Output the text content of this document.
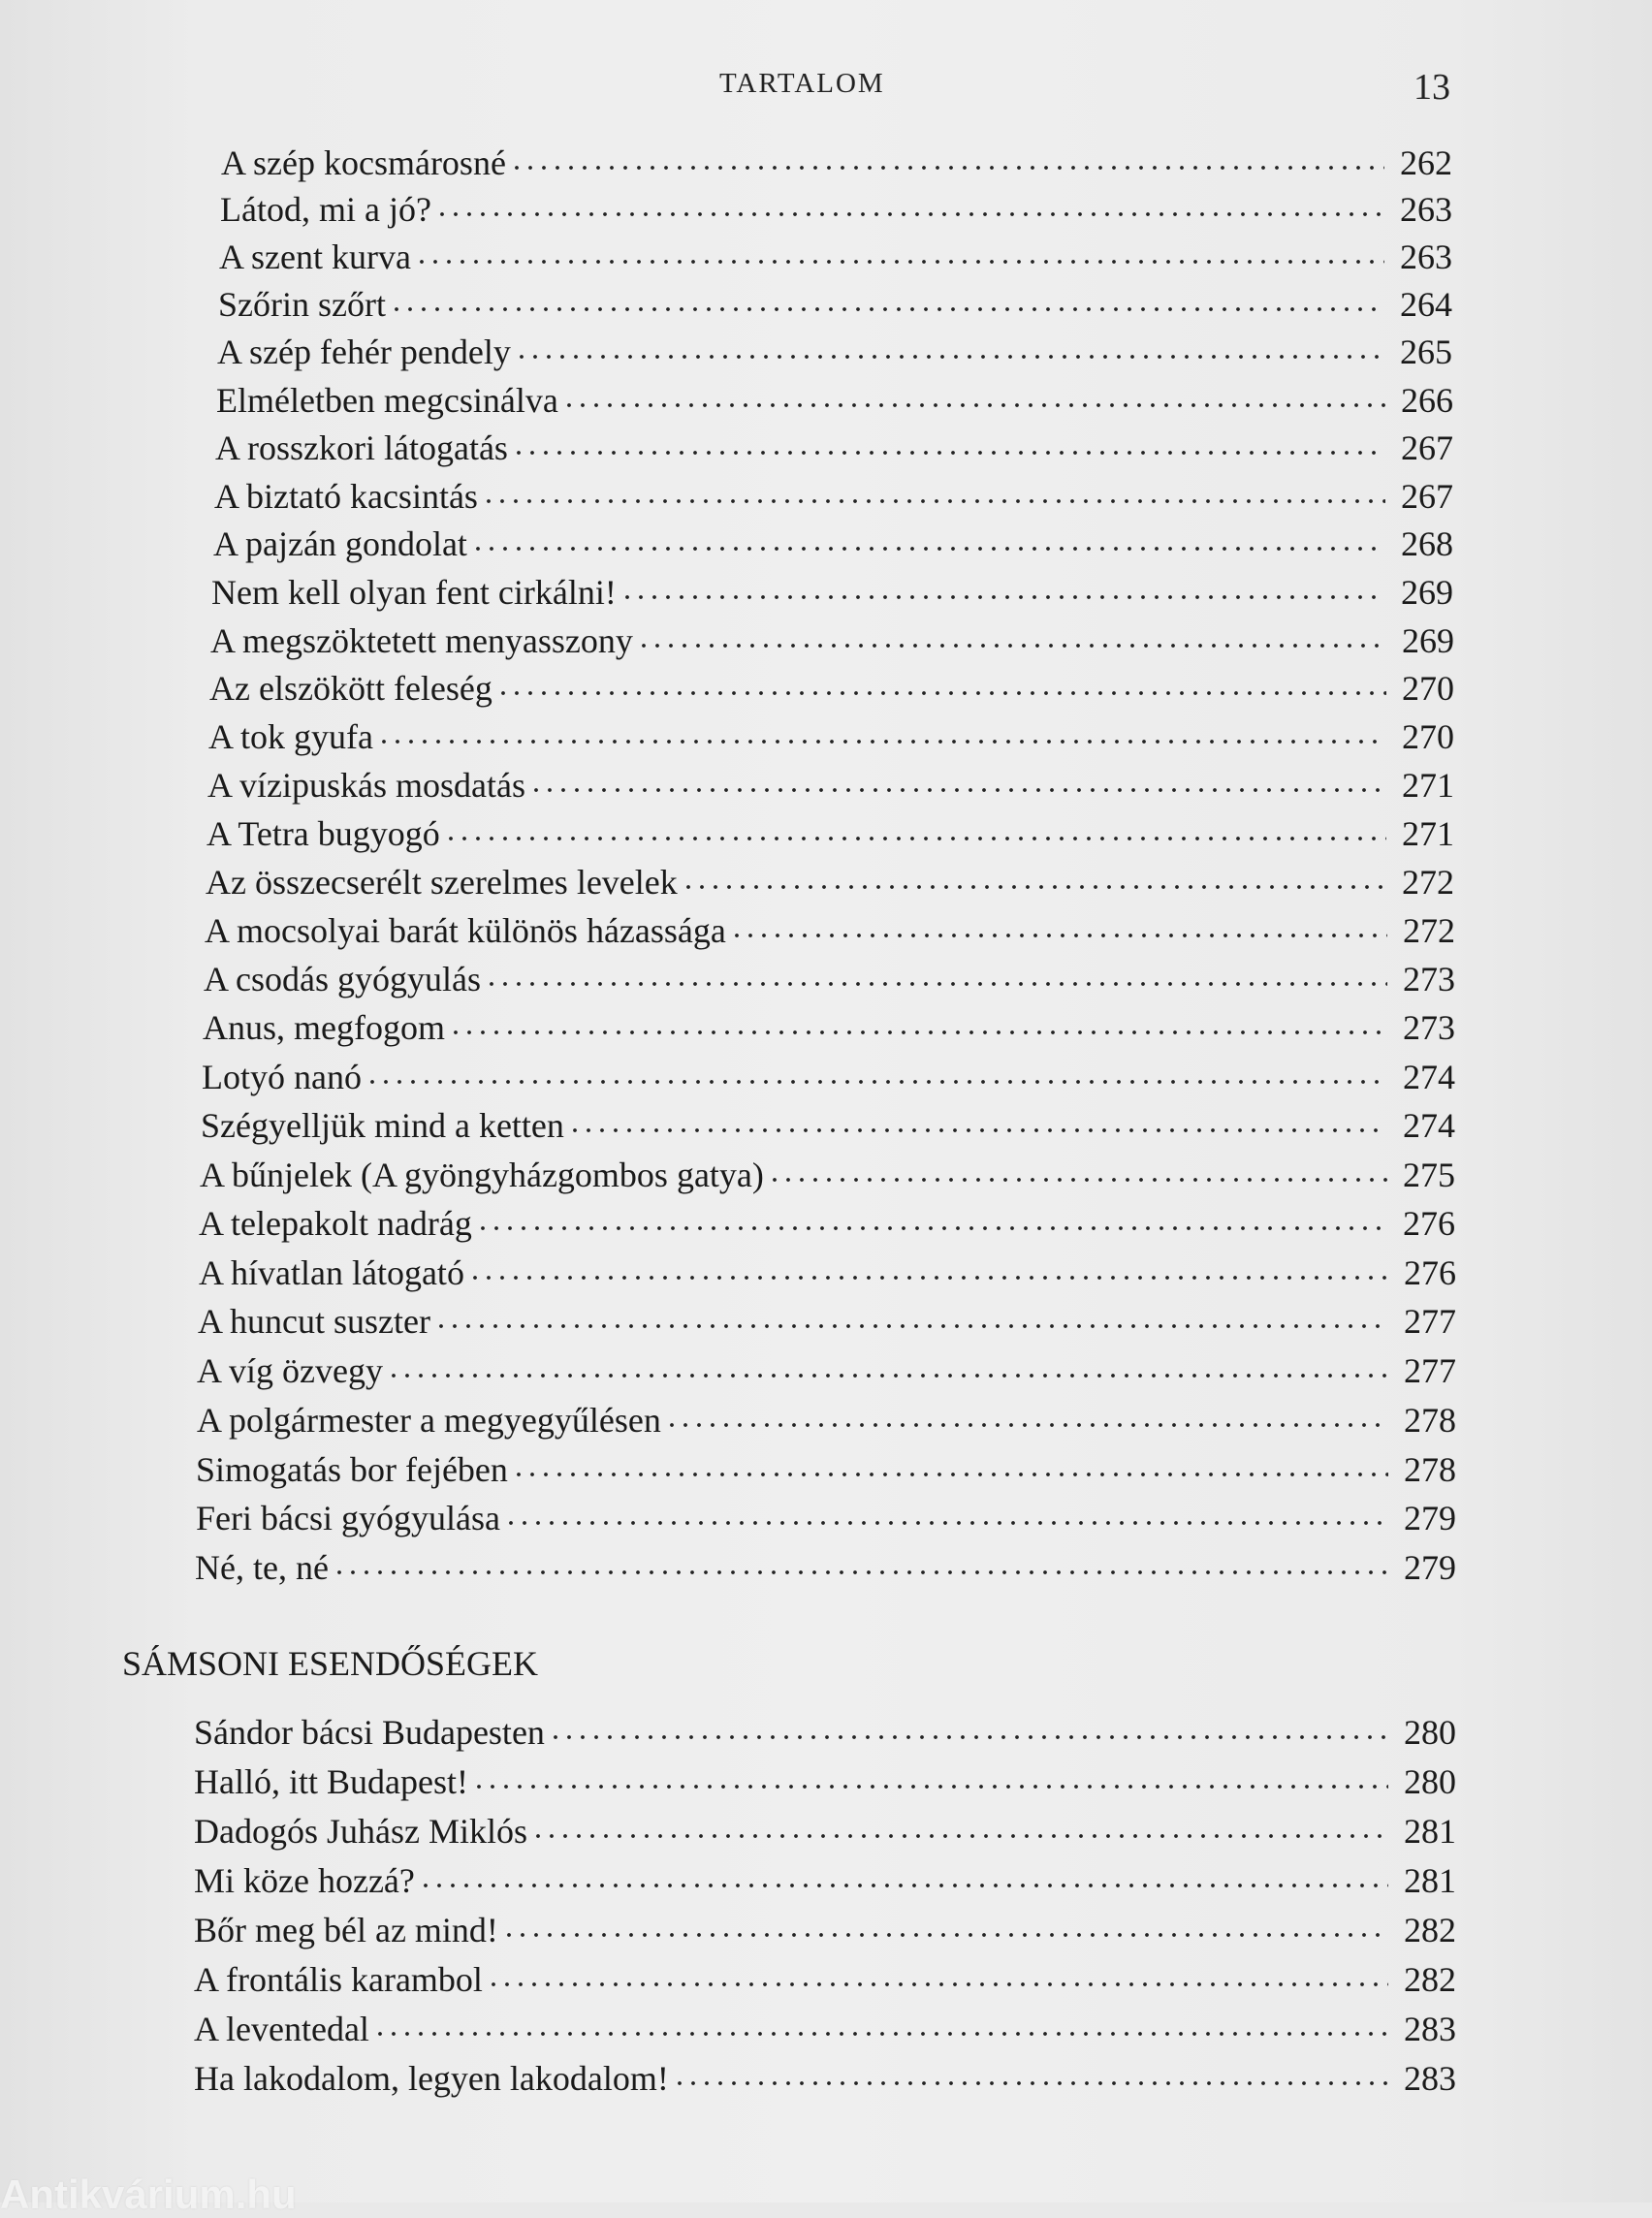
TARTALOM	13
A szép kocsmárosné	262
Látod, mi a jó?	263
A szent kurva	263
Szőrin szőrt	264
A szép fehér pendely	265
Elméletben megcsinálva	266
A rosszkori látogatás	267
A biztató kacsintás	267
A pajzán gondolat	268
Nem kell olyan fent cirkálni!	269
A megszöktetett menyasszony	269
Az elszökött feleség	270
A tok gyufa	270
A vízipuskás mosdatás	271
A Tetra bugyogó	271
Az összecserélt szerelmes levelek	272
A mocsolyai barát különös házassága	272
A csodás gyógyulás	273
Anus, megfogom	273
Lotyó nanó	274
Szégyelljük mind a ketten	274
A bűnjelek (A gyöngyházgombos gatya)	275
A telepakolt nadrág	276
A hívatlan látogató	276
A huncut suszter	277
A víg özvegy	277
A polgármester a megyegyűlésen	278
Simogatás bor fejében	278
Feri bácsi gyógyulása	279
Né, te, né	279
SÁMSONI ESENDŐSÉGEK
Sándor bácsi Budapesten	280
Halló, itt Budapest!	280
Dadogós Juhász Miklós	281
Mi köze hozzá?	281
Bőr meg bél az mind!	282
A frontális karambol	282
A leventedal	283
Ha lakodalom, legyen lakodalom!	283
Antikvárium.hu
